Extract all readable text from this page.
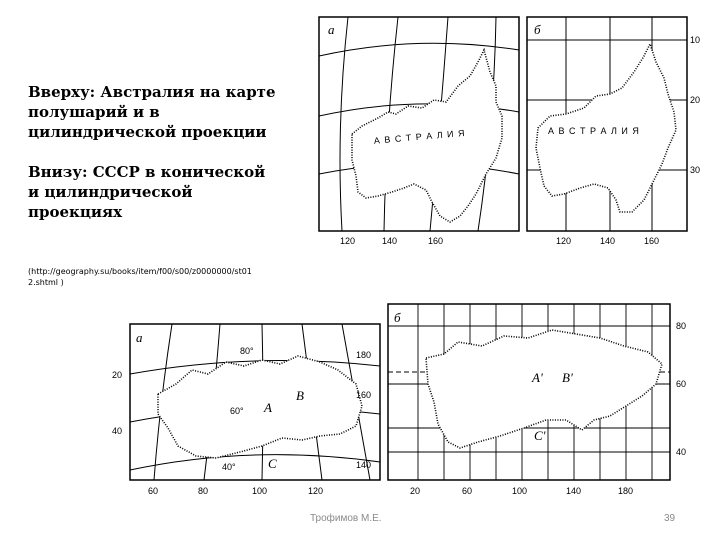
Вверху: Австралия на карте полушарий и в цилиндрической проекции

Внизу: СССР в конической и цилиндрической проекциях

(http://geography.su/books/item/f00/s00/z0000000/st012.shtml )
а
А В С Т Р А Л И Я
120	140	160
б
А В С Т Р А Л И Я
10
20
30
120	140	160
а
80°
60°
40°
180
160
140
A
B
C
20
40
60	80	100	120
б
A' B'
C'
80
60
40
20	60	100	140	180
Трофимов М.Е.	39
